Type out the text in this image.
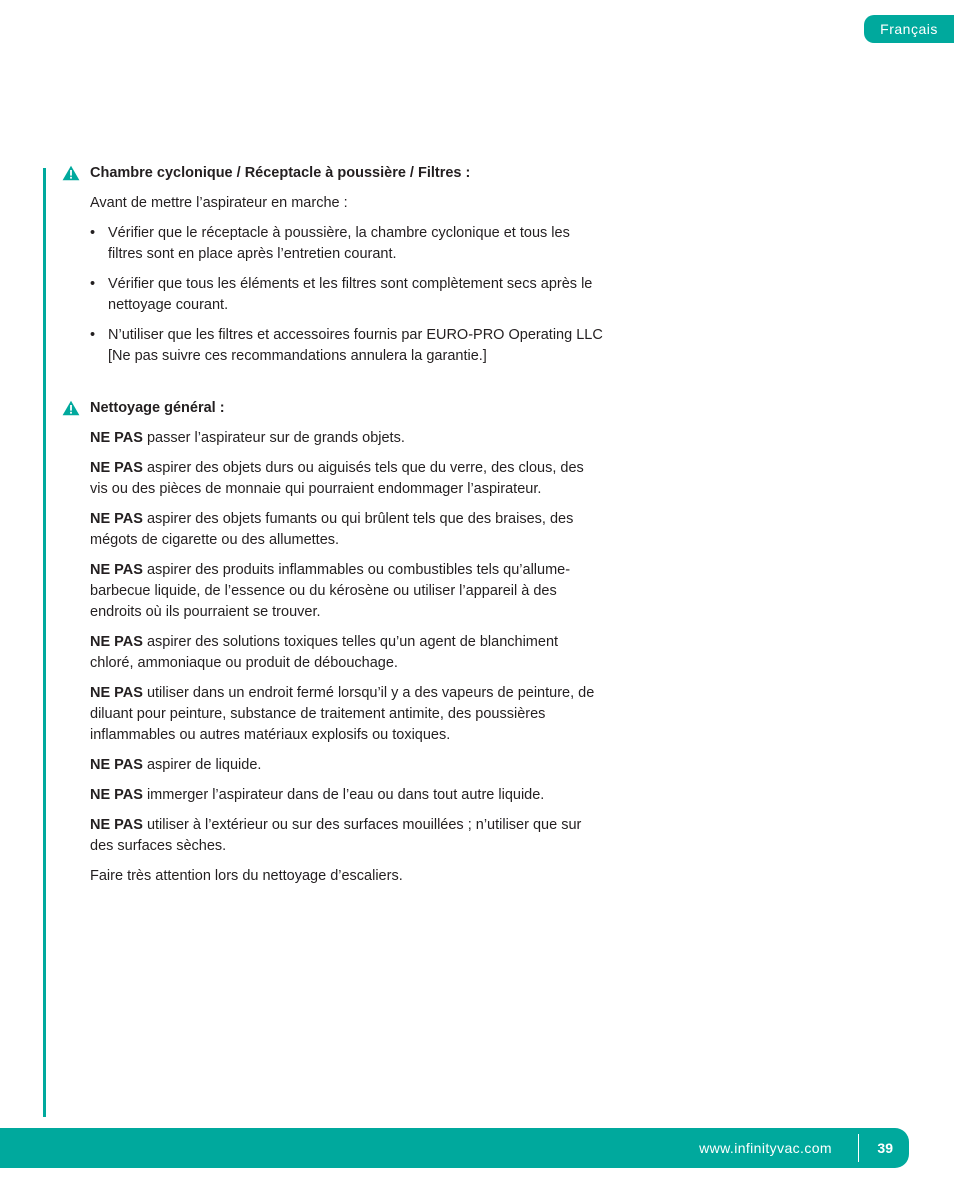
Français
Chambre cyclonique / Réceptacle à poussière / Filtres :

Avant de mettre l’aspirateur en marche :

• Vérifier que le réceptacle à poussière, la chambre cyclonique et tous les filtres sont en place après l’entretien courant.
• Vérifier que tous les éléments et les filtres sont complètement secs après le nettoyage courant.
• N’utiliser que les filtres et accessoires fournis par EURO-PRO Operating LLC [Ne pas suivre ces recommandations annulera la garantie.]
Nettoyage général :

NE PAS passer l’aspirateur sur de grands objets.

NE PAS aspirer des objets durs ou aiguisés tels que du verre, des clous, des vis ou des pièces de monnaie qui pourraient endommager l’aspirateur.

NE PAS aspirer des objets fumants ou qui brûlent tels que des braises, des mégots de cigarette ou des allumettes.

NE PAS aspirer des produits inflammables ou combustibles tels qu’allume-barbecue liquide, de l’essence ou du kérosène ou utiliser l’appareil à des endroits où ils pourraient se trouver.

NE PAS aspirer des solutions toxiques telles qu’un agent de blanchiment chloré, ammoniaque ou produit de débouchage.

NE PAS utiliser dans un endroit fermé lorsqu’il y a des vapeurs de peinture, de diluant pour peinture, substance de traitement antimite, des poussières inflammables ou autres matériaux explosifs ou toxiques.

NE PAS aspirer de liquide.

NE PAS immerger l’aspirateur dans de l’eau ou dans tout autre liquide.

NE PAS utiliser à l’extérieur ou sur des surfaces mouillées ; n’utiliser que sur des surfaces sèches.

Faire très attention lors du nettoyage d’escaliers.

www.infinityvac.com	39
